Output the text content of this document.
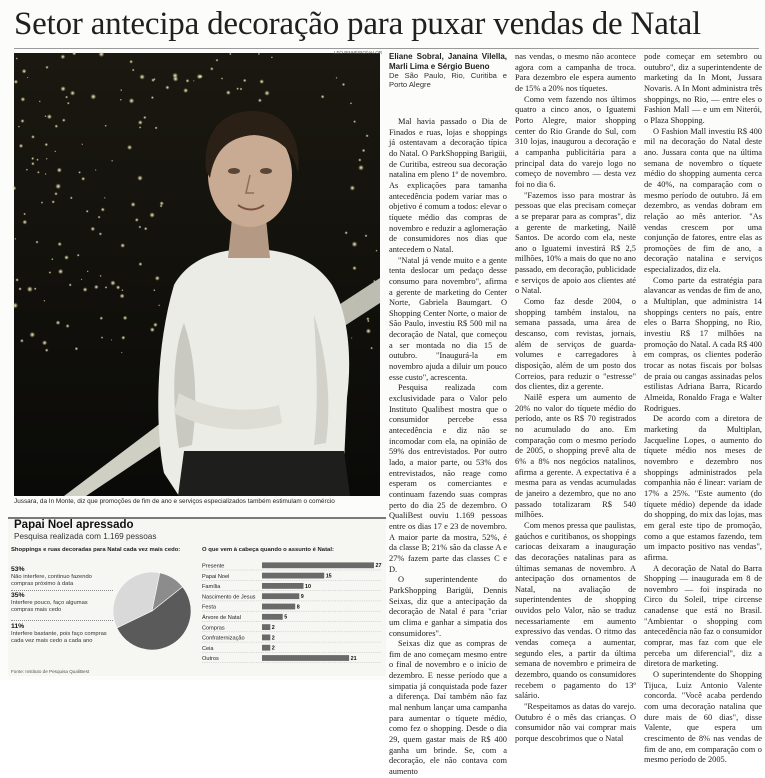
Setor antecipa decoração para puxar vendas de Natal
LEO PINHEIRO/VALOR
Jussara, da In Monte, diz que promoções de fim de ano e serviços especializados também estimulam o comércio
Eliane Sobral, Janaina Vilella, Marli Lima e Sérgio Bueno
De São Paulo, Rio, Curitiba e Porto Alegre

Mal havia passado o Dia de Finados e ruas, lojas e shoppings já ostentavam a decoração típica do Natal. O ParkShopping Barigüi, de Curitiba, estreou sua decoração natalina em pleno 1º de novembro. As explicações para tamanha antecedência podem variar mas o objetivo é comum a todos: elevar o tíquete médio das compras de novembro e reduzir a aglomeração de consumidores nos dias que antecedem o Natal.

"Natal já vende muito e a gente tenta deslocar um pedaço desse consumo para novembro", afirma a gerente de marketing do Center Norte, Gabriela Baumgart. O Shopping Center Norte, o maior de São Paulo, investiu R$ 500 mil na decoração de Natal, que começou a ser montada no dia 15 de outubro. "Inaugurá-la em novembro ajuda a diluir um pouco esse custo", acrescenta.

Pesquisa realizada com exclusividade para o Valor pelo Instituto Qualibest mostra que o consumidor percebe essa antecedência e diz não se incomodar com ela, na opinião de 59% dos entrevistados. Por outro lado, a maior parte, ou 53% dos entrevistados, não reage como esperam os comerciantes e continuam fazendo suas compras perto do dia 25 de dezembro. O QualiBest ouviu 1.169 pessoas entre os dias 17 e 23 de novembro. A maior parte da mostra, 52%, é da classe B; 21% são da classe A e 27% fazem parte das classes C e D.

O superintendente do ParkShopping Barigüi, Dennis Seixas, diz que a antecipação da decoração de Natal é para "criar um clima e ganhar a simpatia dos consumidores".

Seixas diz que as compras de fim de ano começam mesmo entre o final de novembro e o início de dezembro. E nesse período que a simpatia já conquistada pode fazer a diferença. Daí também não faz mal nenhum lançar uma campanha para aumentar o tíquete médio, como fez o shopping. Desde o dia 29, quem gastar mais de R$ 400 ganha um brinde. Se, com a decoração, ele não contava com aumento

nas vendas, o mesmo não acontece agora com a campanha de troca. Para dezembro ele espera aumento de 15% a 20% nos tíquetes.

Como vem fazendo nos últimos quatro a cinco anos, o Iguatemi Porto Alegre, maior shopping center do Rio Grande do Sul, com 310 lojas, inaugurou a decoração e a campanha publicitária para a principal data do varejo logo no começo de novembro — desta vez foi no dia 6.

"Fazemos isso para mostrar às pessoas que elas precisam começar a se preparar para as compras", diz a gerente de marketing, Nailê Santos. De acordo com ela, neste ano o Iguatemi investirá R$ 2,5 milhões, 10% a mais do que no ano passado, em decoração, publicidade e serviços de apoio aos clientes até o Natal.

Como faz desde 2004, o shopping também instalou, na semana passada, uma área de descanso, com revistas, jornais, além de serviços de guarda-volumes e carregadores à disposição, além de um posto dos Correios, para reduzir o "estresse" dos clientes, diz a gerente.

Nailê espera um aumento de 20% no valor do tíquete médio do período, ante os R$ 70 registrados no acumulado do ano. Em comparação com o mesmo período de 2005, o shopping prevê alta de 6% a 8% nos negócios natalinos, afirma a gerente. A expectativa é a mesma para as vendas acumuladas de janeiro a dezembro, que no ano passado totalizaram R$ 540 milhões.

Com menos pressa que paulistas, gaúchos e curitibanos, os shoppings cariocas deixaram a inauguração das decorações natalinas para as últimas semanas de novembro. A antecipação dos ornamentos de Natal, na avaliação de superintendentes de shopping ouvidos pelo Valor, não se traduz necessariamente em aumento expressivo das vendas. O ritmo das vendas começa a aumentar, segundo eles, a partir da última semana de novembro e primeira de dezembro, quando os consumidores recebem o pagamento do 13º salário.

"Respeitamos as datas do varejo. Outubro é o mês das crianças. O consumidor não vai comprar mais porque descobrimos que o Natal

pode começar em setembro ou outubro", diz a superintendente de marketing da In Mont, Jussara Novaris. A In Mont administra três shoppings, no Rio, — entre eles o Fashion Mall — e um em Niterói, o Plaza Shopping.

O Fashion Mall investiu R$ 400 mil na decoração do Natal deste ano. Jussara conta que na última semana de novembro o tíquete médio do shopping aumenta cerca de 40%, na comparação com o mesmo período de outubro. Já em dezembro, as vendas dobram em relação ao mês anterior. "As vendas crescem por uma conjunção de fatores, entre elas as promoções de fim de ano, a decoração natalina e serviços especializados, diz ela.

Como parte da estratégia para alavancar as vendas de fim de ano, a Multiplan, que administra 14 shoppings centers no país, entre eles o Barra Shopping, no Rio, investiu R$ 17 milhões na promoção do Natal. A cada R$ 400 em compras, os clientes poderão trocar as notas fiscais por bolsas de praia ou cangas assinadas pelos estilistas Adriana Barra, Ricardo Almeida, Ronaldo Fraga e Walter Rodrigues.

De acordo com a diretora de marketing da Multiplan, Jacqueline Lopes, o aumento do tíquete médio nos meses de novembro e dezembro nos shoppings administrados pela companhia não é linear: variam de 17% a 25%. "Este aumento (do tíquete médio) depende da idade do shopping, do mix das lojas, mas em geral este tipo de promoção, como a que estamos fazendo, tem um impacto positivo nas vendas", afirma.

A decoração de Natal do Barra Shopping — inaugurada em 8 de novembro — foi inspirada no Circo du Soleil, tripe circense canadense que está no Brasil. "Ambientar o shopping com antecedência não faz o consumidor comprar, mas faz com que ele perceba um diferencial", diz a diretora de marketing.

O superintendente do Shopping Tijuca, Luiz Antonio Valente concorda. "Você acaba perdendo com uma decoração natalina que dure mais de 60 dias", disse Valente, que espera um crescimento de 8% nas vendas de fim de ano, em comparação com o mesmo período de 2005.

Papai Noel apressado
Pesquisa realizada com 1.169 pessoas
Shoppings e ruas decoradas para Natal cada vez mais cedo:	O que vem à cabeça quando o assunto é Natal:
53%
Não interfere, continuo fazendo compras próximo à data
35%
Interfere pouco, faço algumas compras mais cedo
11%
Interfere bastante, pois faço compras cada vez mais cedo a cada ano
Presente	27
Papai Noel	15
Família	10
Nascimento de Jesus	9
Festa	8
Árvore de Natal	5
Compras	2
Confraternização	2
Ceia	2
Outros	21
Fonte: Instituto de Pesquisa QualiBest
